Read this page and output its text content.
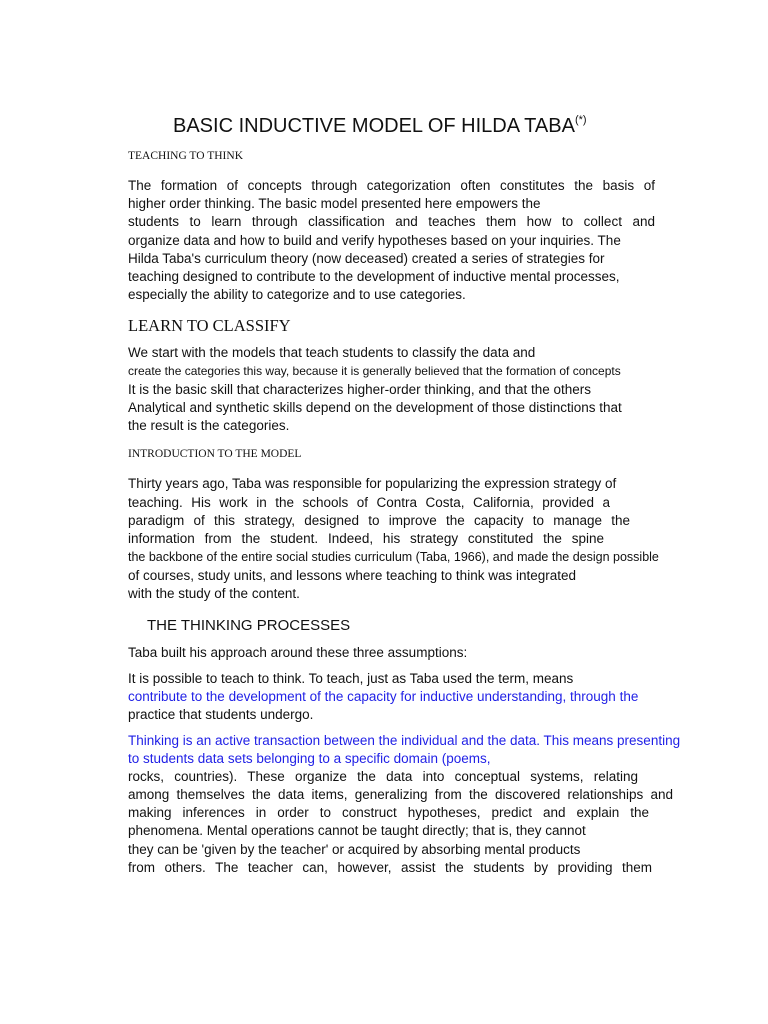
BASIC INDUCTIVE MODEL OF HILDA TABA(*)
TEACHING TO THINK
The formation of concepts through categorization often constitutes the basis of
higher order thinking. The basic model presented here empowers the
students to learn through classification and teaches them how to collect and
organize data and how to build and verify hypotheses based on your inquiries. The
Hilda Taba's curriculum theory (now deceased) created a series of strategies for
teaching designed to contribute to the development of inductive mental processes,
especially the ability to categorize and to use categories.
LEARN TO CLASSIFY
We start with the models that teach students to classify the data and
create the categories this way, because it is generally believed that the formation of concepts
It is the basic skill that characterizes higher-order thinking, and that the others
Analytical and synthetic skills depend on the development of those distinctions that
the result is the categories.
INTRODUCTION TO THE MODEL
Thirty years ago, Taba was responsible for popularizing the expression strategy of
teaching. His work in the schools of Contra Costa, California, provided a
paradigm of this strategy, designed to improve the capacity to manage the
information from the student. Indeed, his strategy constituted the spine
the backbone of the entire social studies curriculum (Taba, 1966), and made the design possible
of courses, study units, and lessons where teaching to think was integrated
with the study of the content.
THE THINKING PROCESSES
Taba built his approach around these three assumptions:
It is possible to teach to think. To teach, just as Taba used the term, means
contribute to the development of the capacity for inductive understanding, through the
practice that students undergo.
Thinking is an active transaction between the individual and the data. This means presenting
to students data sets belonging to a specific domain (poems,
rocks, countries). These organize the data into conceptual systems, relating
among themselves the data items, generalizing from the discovered relationships and
making inferences in order to construct hypotheses, predict and explain the
phenomena. Mental operations cannot be taught directly; that is, they cannot
they can be 'given by the teacher' or acquired by absorbing mental products
from others. The teacher can, however, assist the students by providing them
